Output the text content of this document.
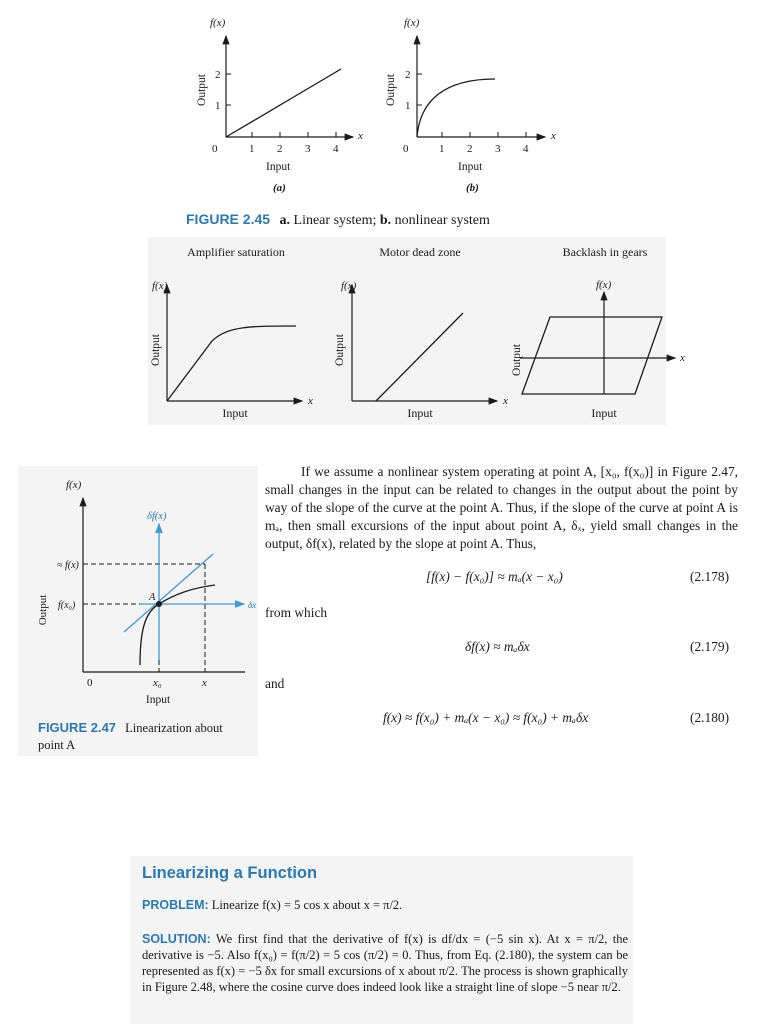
f(x)
Output
1
2
0	1 2 3 4
x
Input
(a)
f(x)
Output
1
2
0	1 2 3 4
x
Input
(b)
FIGURE 2.45 a. Linear system; b. nonlinear system
Amplifier saturation
f(x)
Output
Input
x
Motor dead zone
f(x)
Output
Input
x
Backlash in gears
f(x)
Output
Input
x
f(x)
δf(x)
≈ f(x)
f(x₀)
A
Output
0	x₀	x
Input
δx
FIGURE 2.47 Linearization about point A
If we assume a nonlinear system operating at point A, [x₀, f(x₀)] in Figure 2.47, small changes in the input can be related to changes in the output about the point by way of the slope of the curve at the point A. Thus, if the slope of the curve at point A is mₐ, then small excursions of the input about point A, δₓ, yield small changes in the output, δf(x), related by the slope at point A. Thus,
[f(x) − f(x₀)] ≈ mₐ(x − x₀)	(2.178)
from which
δf(x) ≈ mₐδx	(2.179)
and
f(x) ≈ f(x₀) + mₐ(x − x₀) ≈ f(x₀) + mₐδx	(2.180)
Linearizing a Function
PROBLEM: Linearize f(x) = 5 cos x about x = π/2.
SOLUTION: We first find that the derivative of f(x) is df/dx = (−5 sin x). At x = π/2, the derivative is −5. Also f(x₀) = f(π/2) = 5 cos (π/2) = 0. Thus, from Eq. (2.180), the system can be represented as f(x) = −5 δx for small excursions of x about π/2. The process is shown graphically in Figure 2.48, where the cosine curve does indeed look like a straight line of slope −5 near π/2.
